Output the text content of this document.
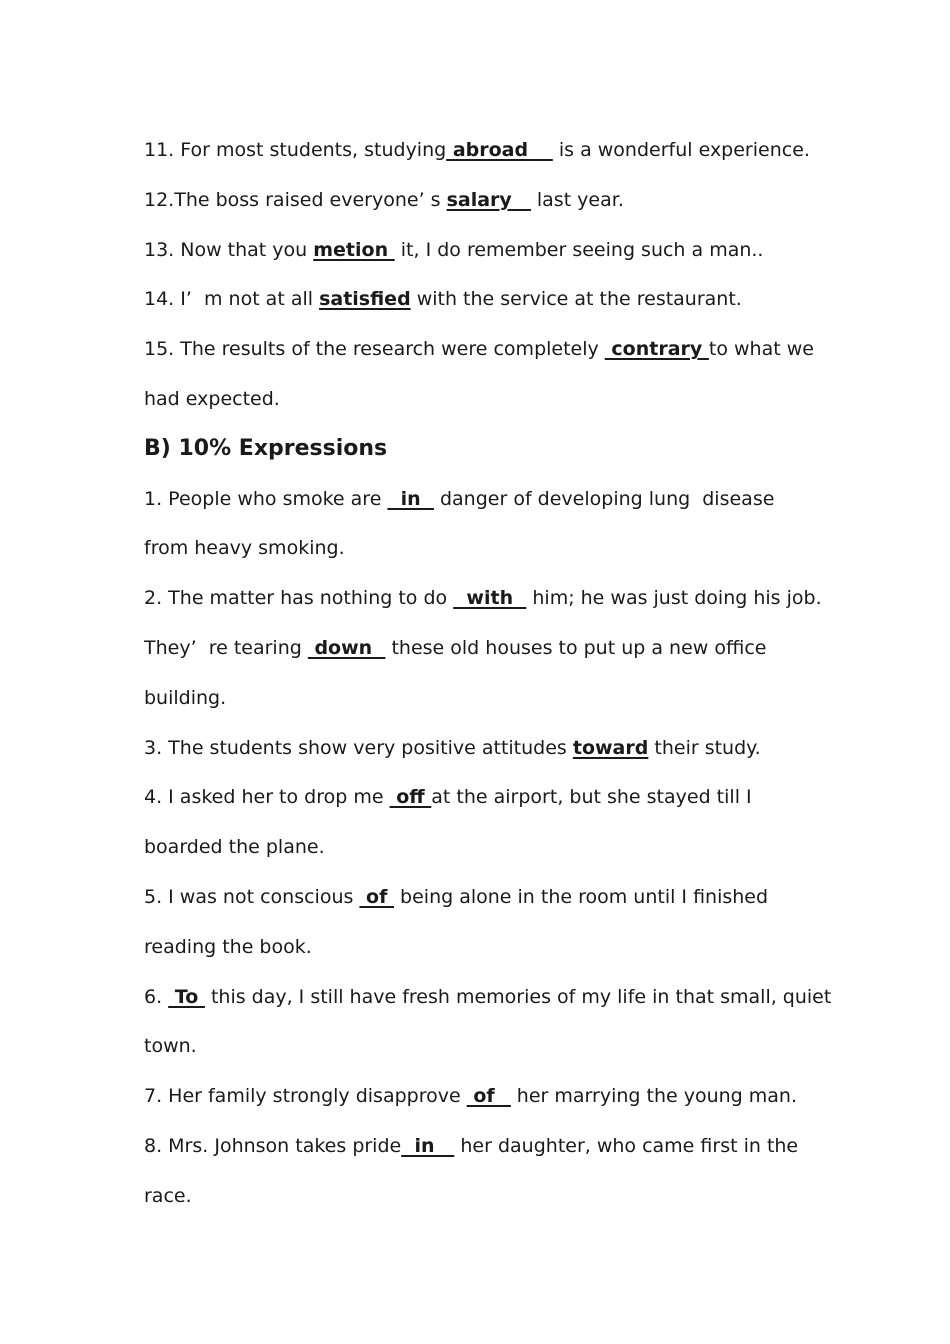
11. For most students, studying abroad     is a wonderful experience.
12.The boss raised everyone’ s salary__ last year.
13. Now that you metion  it, I do remember seeing such a man..
14. I’  m not at all satisfied with the service at the restaurant.
15. The results of the research were completely  contrary to what we
had expected.
B) 10% Expressions
1. People who smoke are   in   danger of developing lung  disease
from heavy smoking.
2. The matter has nothing to do   with   him; he was just doing his job.
They’  re tearing  down   these old houses to put up a new office
building.
3. The students show very positive attitudes toward their study.
4. I asked her to drop me  off at the airport, but she stayed till I
boarded the plane.
5. I was not conscious  of  being alone in the room until I finished
reading the book.
6.  To  this day, I still have fresh memories of my life in that small, quiet
town.
7. Her family strongly disapprove  of _ her marrying the young man.
8. Mrs. Johnson takes pride  in    her daughter, who came first in the
race.
